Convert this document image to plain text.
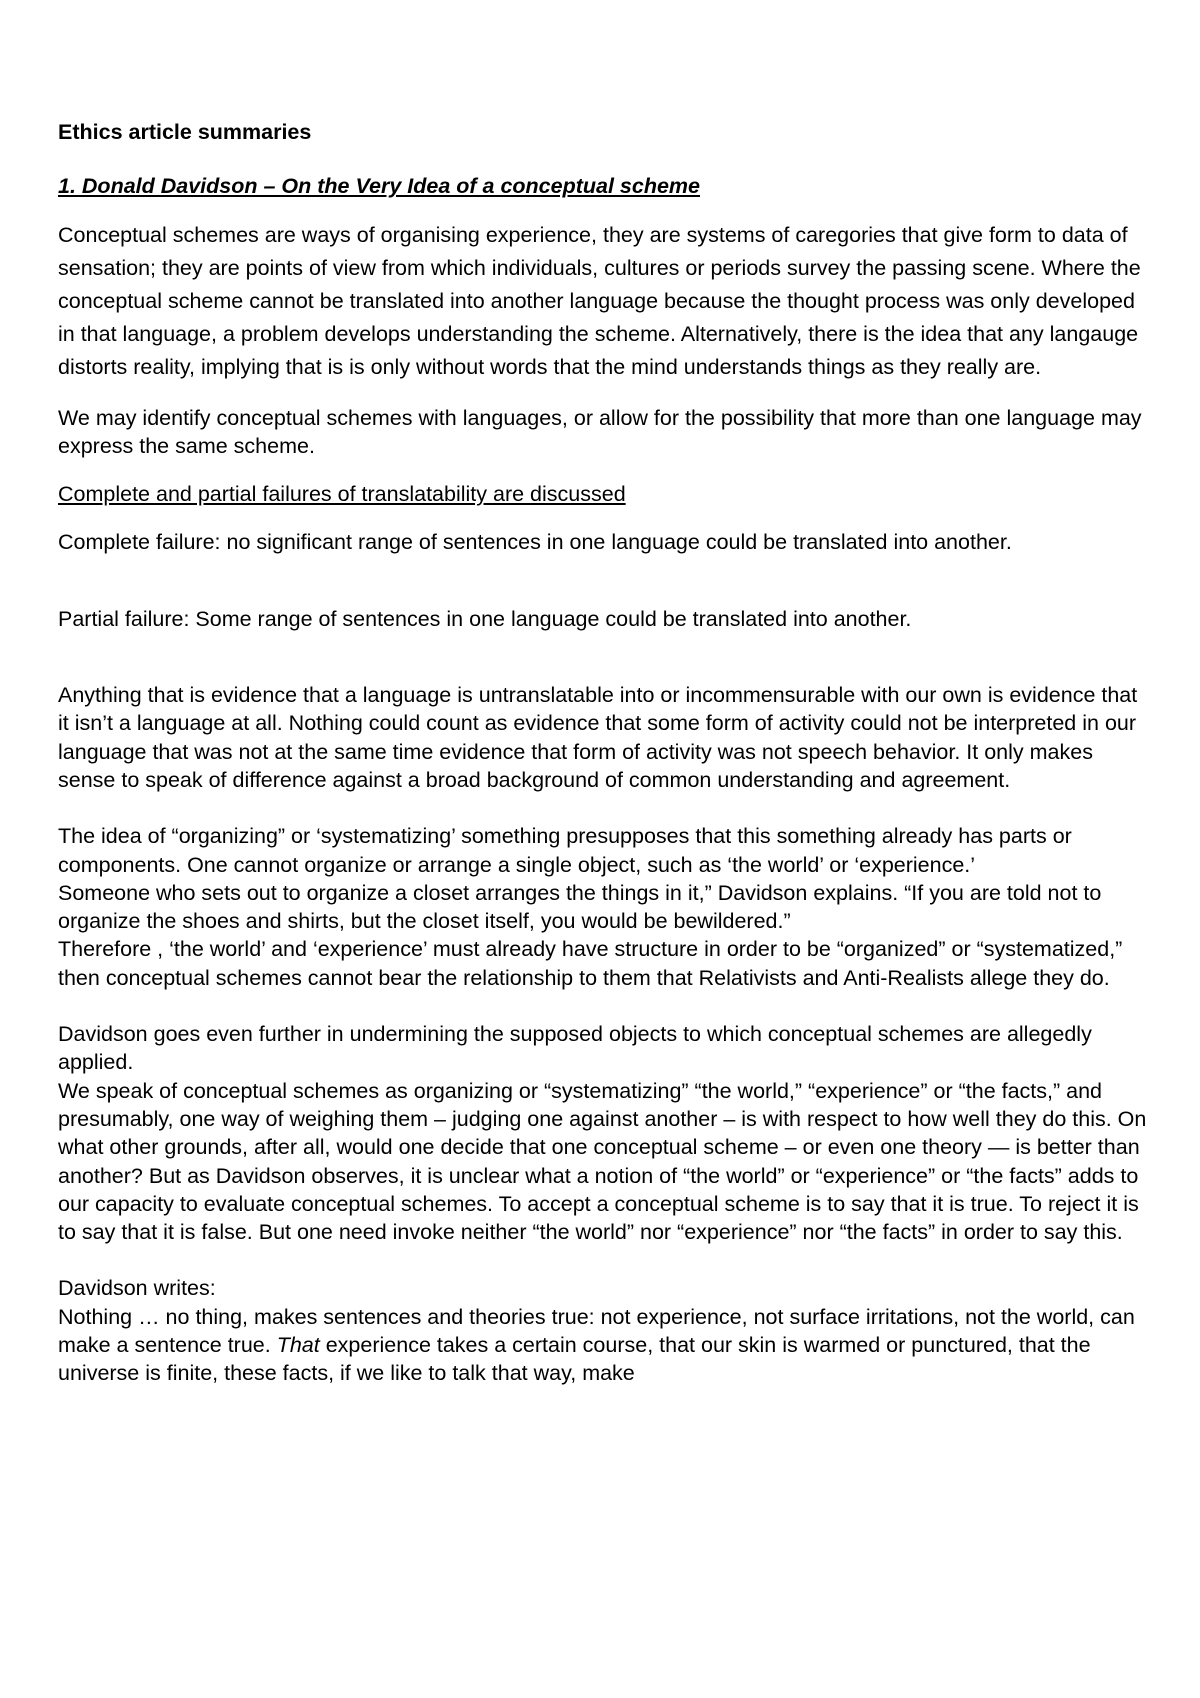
Ethics article summaries
1. Donald Davidson – On the Very Idea of a conceptual scheme
Conceptual schemes are ways of organising experience, they are systems of caregories that give form to data of sensation; they are points of view from which individuals, cultures or periods survey the passing scene. Where the conceptual scheme cannot be translated into another language because the thought process was only developed in that language, a problem develops understanding the scheme. Alternatively, there is the idea that any langauge distorts reality, implying that is is only without words that the mind understands things as they really are.
We may identify conceptual schemes with languages, or allow for the possibility that more than one language may express the same scheme.
Complete and partial failures of translatability are discussed
Complete failure: no significant range of sentences in one language could be translated into another.
Partial failure: Some range of sentences in one language could be translated into another.
Anything that is evidence that a language is untranslatable into or incommensurable with our own is evidence that it isn’t a language at all. Nothing could count as evidence that some form of activity could not be interpreted in our language that was not at the same time evidence that form of activity was not speech behavior. It only makes sense to speak of difference against a broad background of common understanding and agreement.
The idea of “organizing” or ‘systematizing’ something presupposes that this something already has parts or components. One cannot organize or arrange a single object, such as ‘the world’ or ‘experience.’
Someone who sets out to organize a closet arranges the things in it,” Davidson explains. “If you are told not to organize the shoes and shirts, but the closet itself, you would be bewildered.”
Therefore , ‘the world’ and ‘experience’ must already have structure in order to be “organized” or “systematized,” then conceptual schemes cannot bear the relationship to them that Relativists and Anti-Realists allege they do.
Davidson goes even further in undermining the supposed objects to which conceptual schemes are allegedly applied.
We speak of conceptual schemes as organizing or “systematizing” “the world,” “experience” or “the facts,” and presumably, one way of weighing them – judging one against another – is with respect to how well they do this. On what other grounds, after all, would one decide that one conceptual scheme – or even one theory — is better than another? But as Davidson observes, it is unclear what a notion of “the world” or “experience” or “the facts” adds to our capacity to evaluate conceptual schemes. To accept a conceptual scheme is to say that it is true. To reject it is to say that it is false. But one need invoke neither “the world” nor “experience” nor “the facts” in order to say this.
Davidson writes:
Nothing … no thing, makes sentences and theories true: not experience, not surface irritations, not the world, can make a sentence true. That experience takes a certain course, that our skin is warmed or punctured, that the universe is finite, these facts, if we like to talk that way, make
